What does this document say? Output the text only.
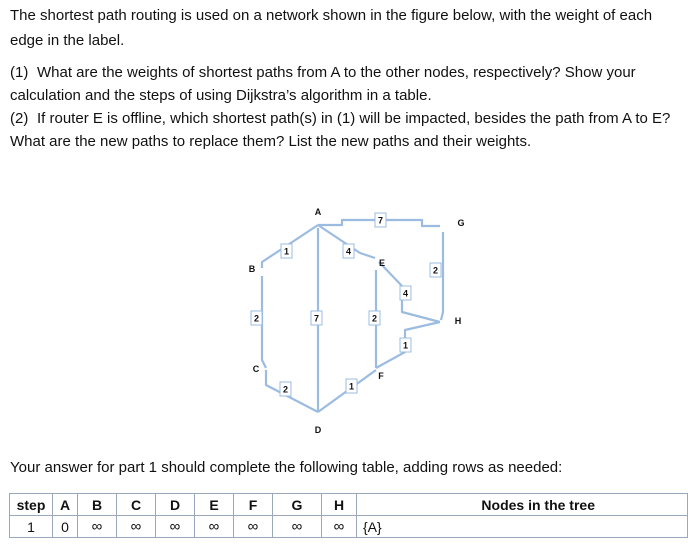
The shortest path routing is used on a network shown in the figure below, with the weight of each edge in the label.
(1) What are the weights of shortest paths from A to the other nodes, respectively? Show your calculation and the steps of using Dijkstra’s algorithm in a table.
(2) If router E is offline, which shortest path(s) in (1) will be impacted, besides the path from A to E? What are the new paths to replace them? List the new paths and their weights.
1
7
4
2
4
2	7	2
1
2	1
A
B
C
D
E
F
G
H
Your answer for part 1 should complete the following table, adding rows as needed:
step	A	B	C	D	E	F	G	H	Nodes in the tree
1	0	∞	∞	∞	∞	∞	∞	∞	{A}
